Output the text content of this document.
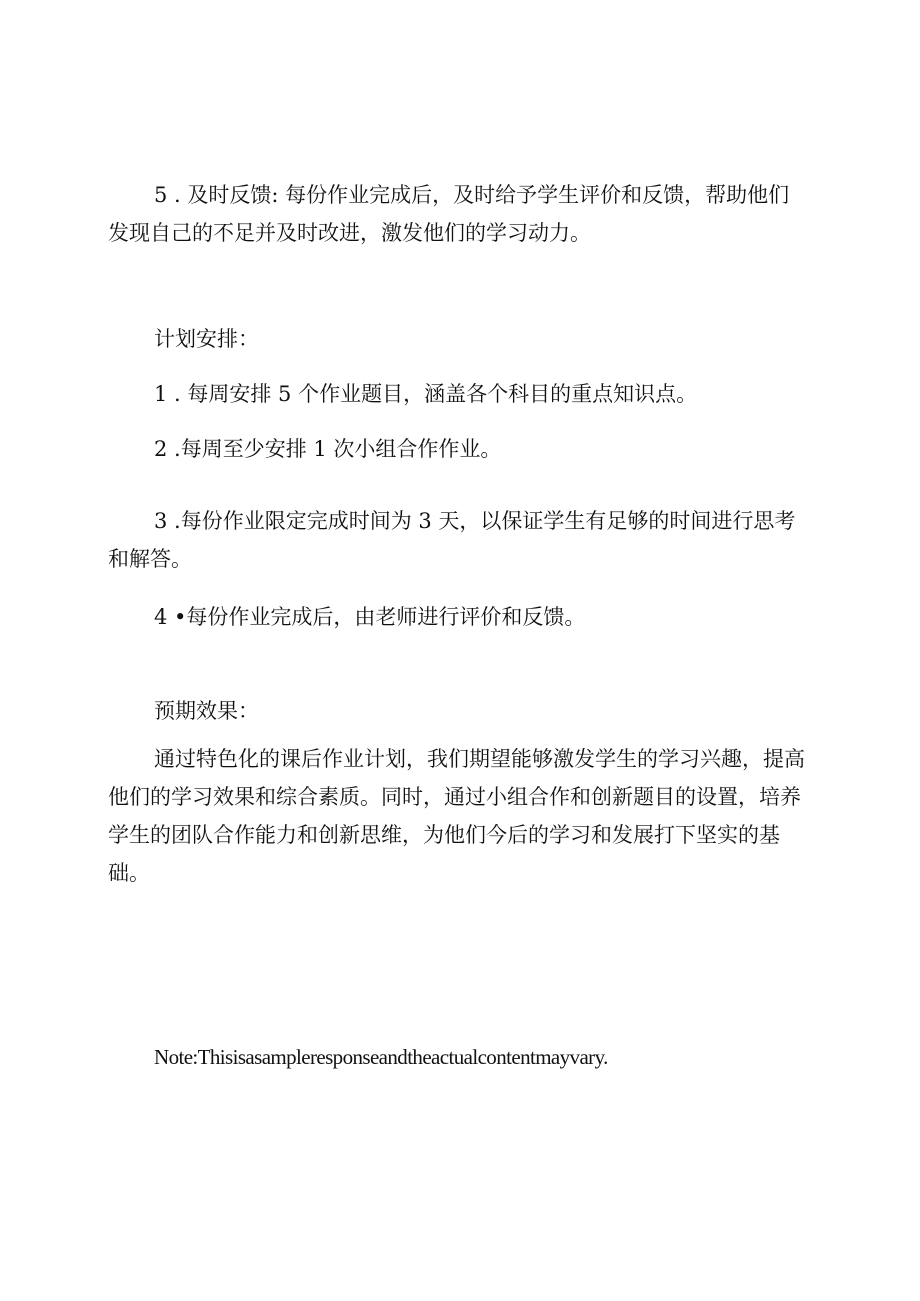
5 . 及时反馈: 每份作业完成后，及时给予学生评价和反馈，帮助他们发现自己的不足并及时改进，激发他们的学习动力。

计划安排：

1 . 每周安排 5 个作业题目，涵盖各个科目的重点知识点。

2 .每周至少安排 1 次小组合作作业。

3 .每份作业限定完成时间为 3 天，以保证学生有足够的时间进行思考和解答。

4 •每份作业完成后，由老师进行评价和反馈。

预期效果：

通过特色化的课后作业计划，我们期望能够激发学生的学习兴趣，提高他们的学习效果和综合素质。同时，通过小组合作和创新题目的设置，培养学生的团队合作能力和创新思维，为他们今后的学习和发展打下坚实的基础。

Note:Thisisasampleresponseandtheactualcontentmayvary.
